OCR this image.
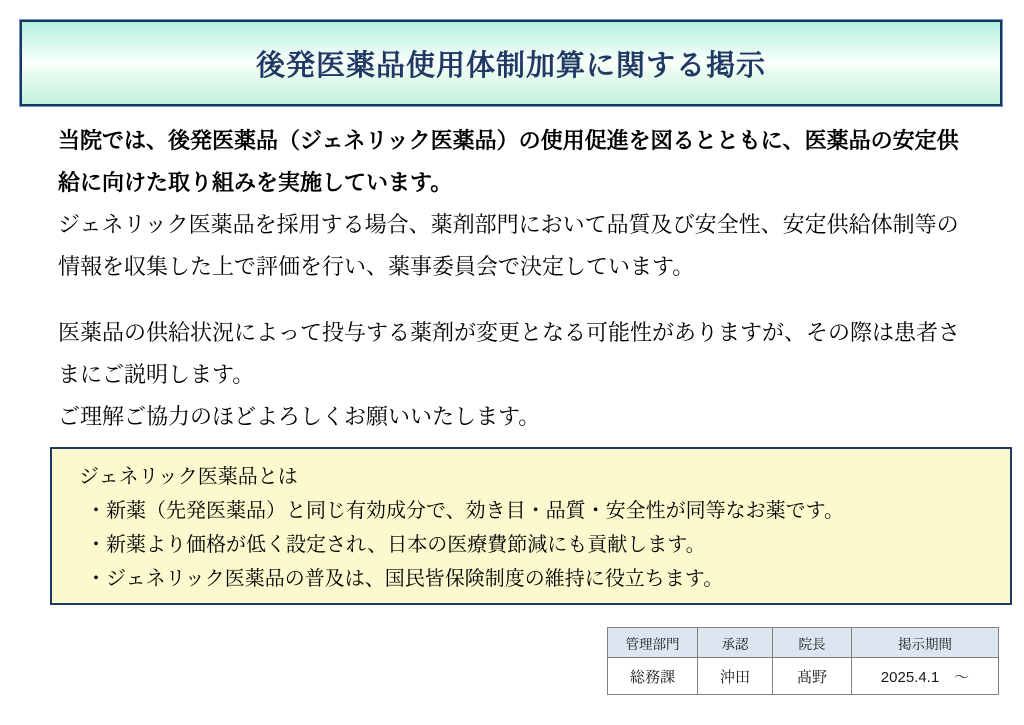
後発医薬品使用体制加算に関する掲示

当院では、後発医薬品（ジェネリック医薬品）の使用促進を図るとともに、医薬品の安定供給に向けた取り組みを実施しています。

ジェネリック医薬品を採用する場合、薬剤部門において品質及び安全性、安定供給体制等の情報を収集した上で評価を行い、薬事委員会で決定しています。

医薬品の供給状況によって投与する薬剤が変更となる可能性がありますが、その際は患者さまにご説明します。

ご理解ご協力のほどよろしくお願いいたします。

ジェネリック医薬品とは

・新薬（先発医薬品）と同じ有効成分で、効き目・品質・安全性が同等なお薬です。
・新薬より価格が低く設定され、日本の医療費節減にも貢献します。
・ジェネリック医薬品の普及は、国民皆保険制度の維持に役立ちます。
管理部門	承認	院長	掲示期間
総務課	沖田	髙野	2025.4.1　～
